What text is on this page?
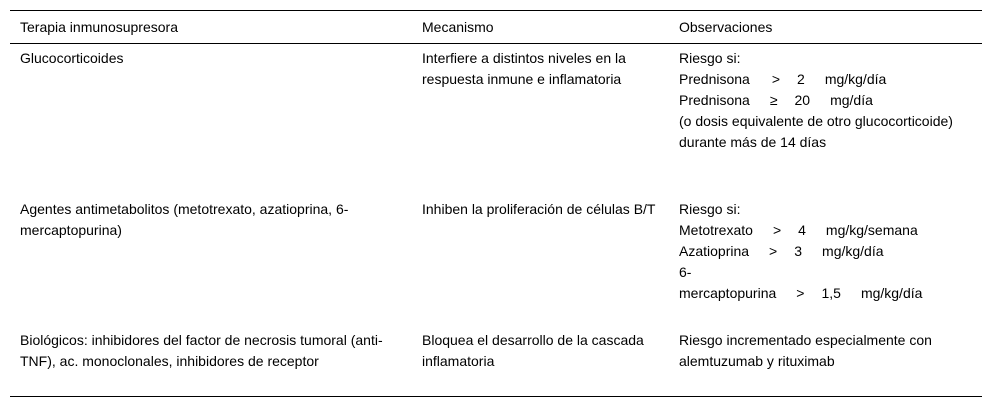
Terapia inmunosupresora	Mecanismo	Observaciones
Glucocorticoides	Interfiere a distintos niveles en la respuesta inmune e inflamatoria	Riesgo si:
Prednisona > 2 mg/kg/día
Prednisona ≥ 20 mg/día
(o dosis equivalente de otro glucocorticoide) durante más de 14 días

Agentes antimetabolitos (metotrexato, azatioprina, 6-mercaptopurina)	Inhiben la proliferación de células B/T	Riesgo si:
Metotrexato > 4 mg/kg/semana
Azatioprina > 3 mg/kg/día
6-
mercaptopurina > 1,5 mg/kg/día

Biológicos: inhibidores del factor de necrosis tumoral (anti-TNF), ac. monoclonales, inhibidores de receptor	Bloquea el desarrollo de la cascada inflamatoria	Riesgo incrementado especialmente con alemtuzumab y rituximab
